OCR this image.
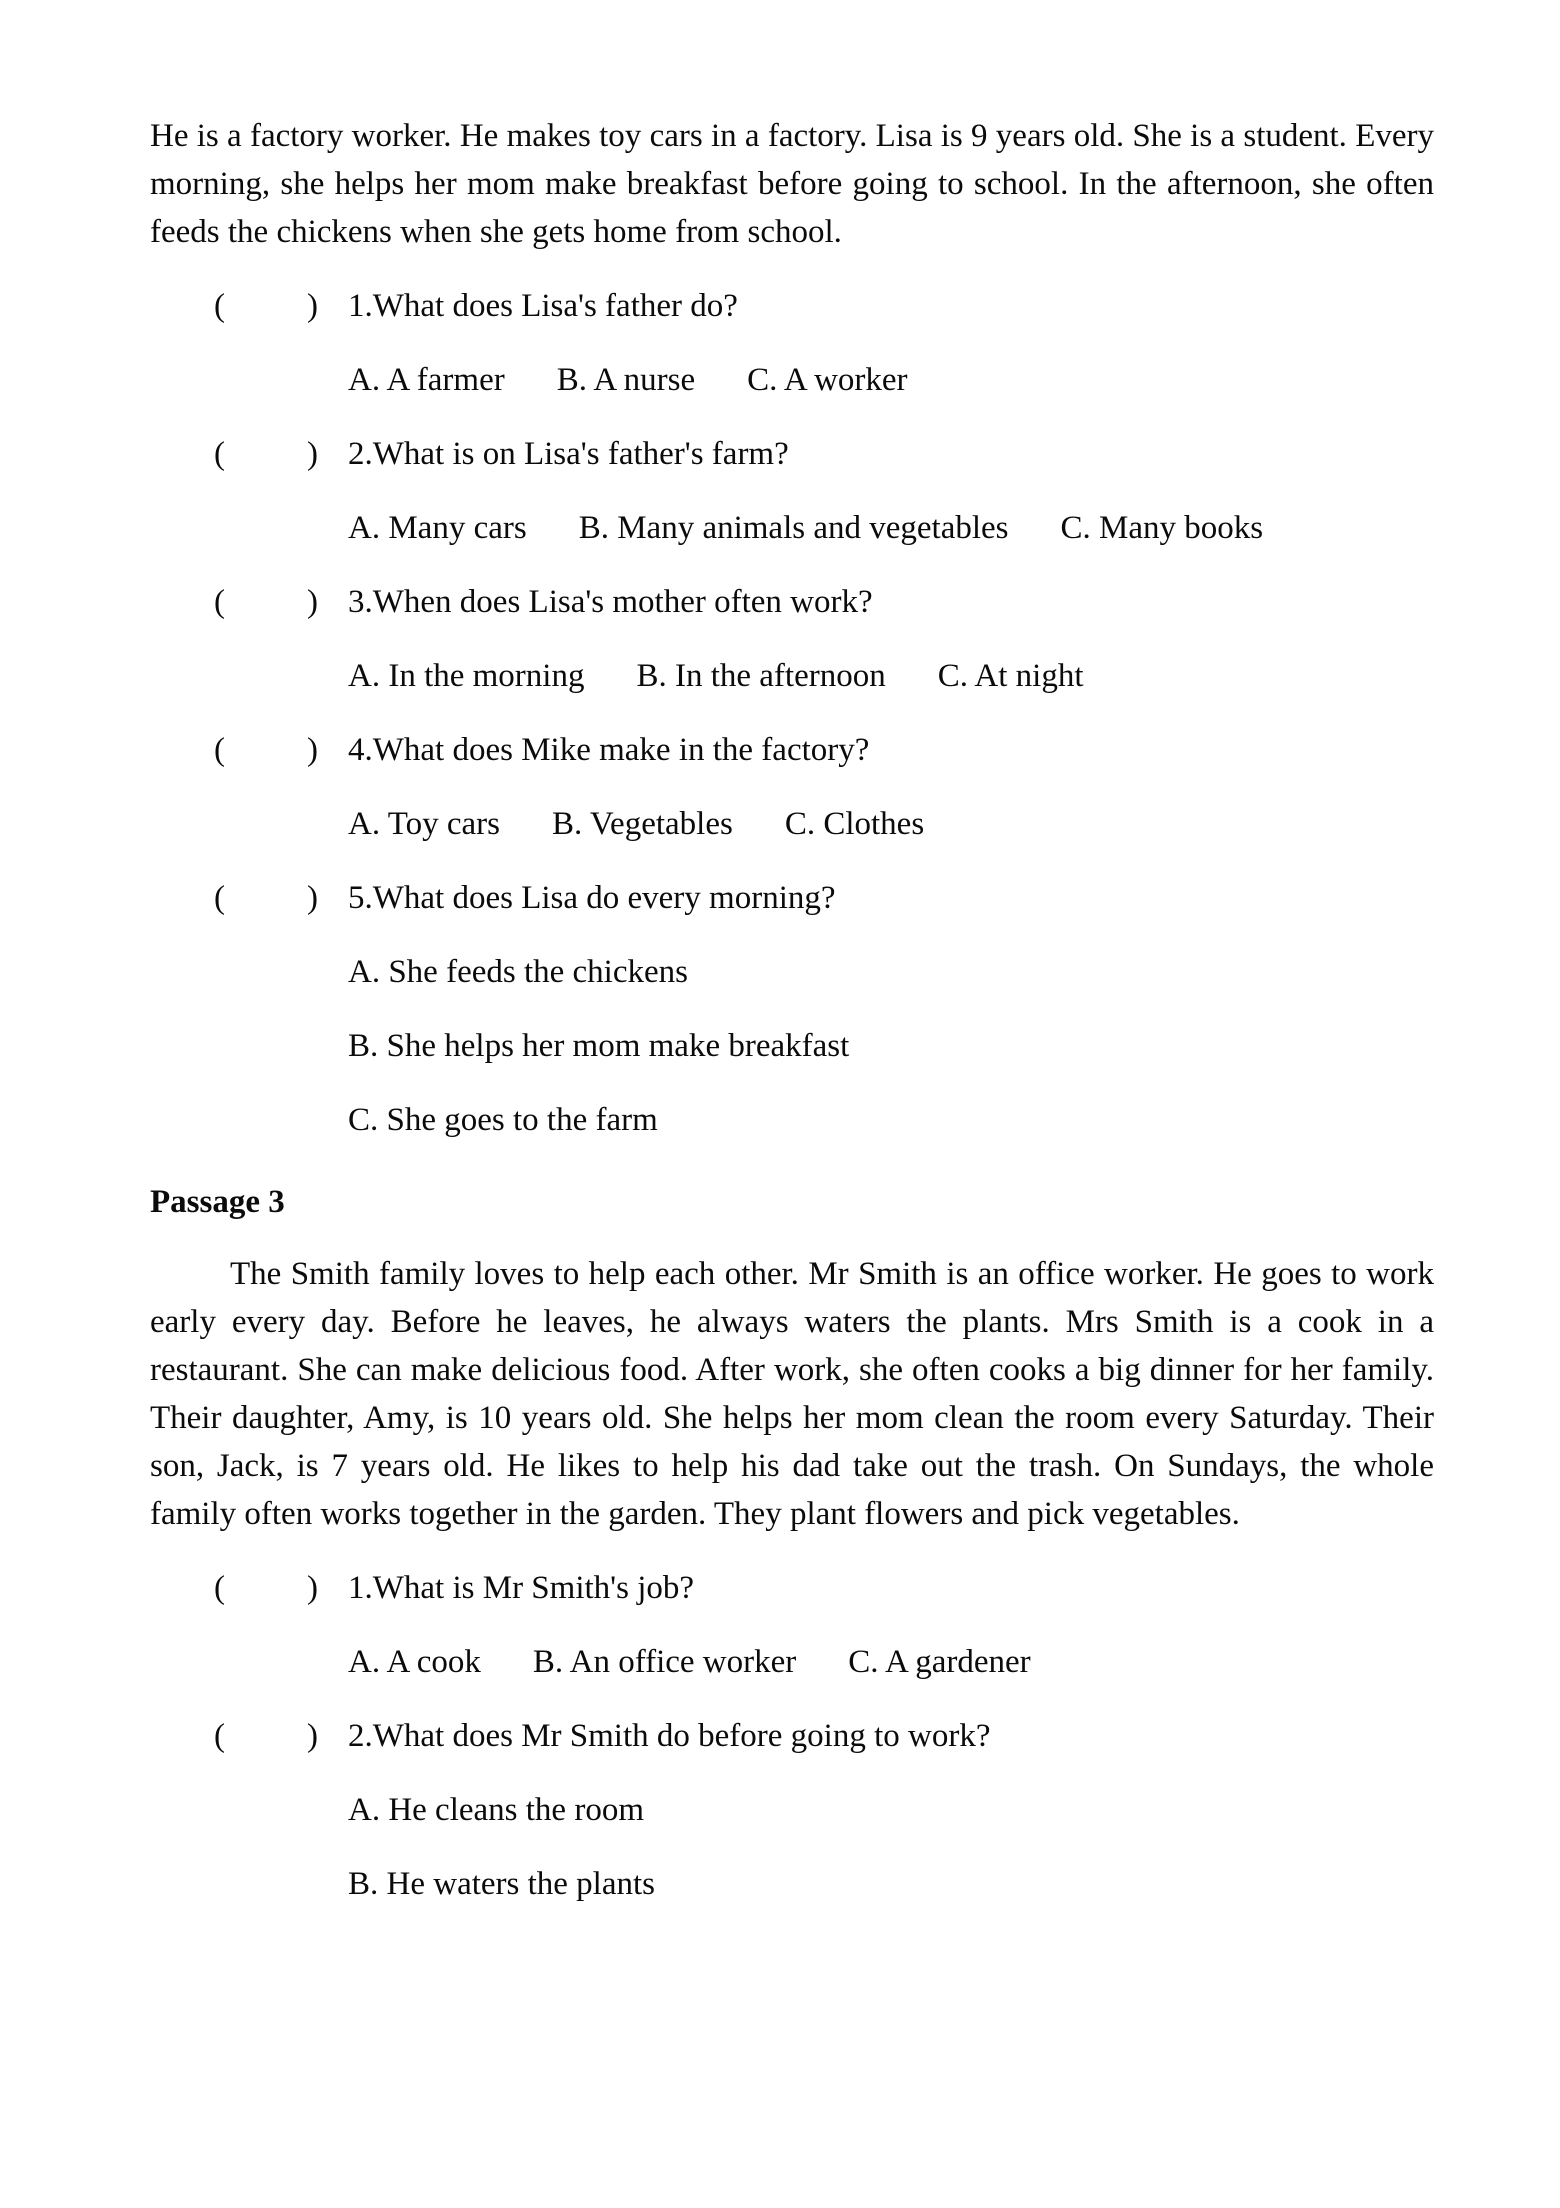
He is a factory worker. He makes toy cars in a factory. Lisa is 9 years old. She is a student. Every morning, she helps her mom make breakfast before going to school. In the afternoon, she often feeds the chickens when she gets home from school.

( ) 1.What does Lisa's father do?
A. A farmer B. A nurse C. A worker
( ) 2.What is on Lisa's father's farm?
A. Many cars B. Many animals and vegetables C. Many books
( ) 3.When does Lisa's mother often work?
A. In the morning B. In the afternoon C. At night
( ) 4.What does Mike make in the factory?
A. Toy cars B. Vegetables C. Clothes
( ) 5.What does Lisa do every morning?
A. She feeds the chickens
B. She helps her mom make breakfast
C. She goes to the farm
Passage 3

The Smith family loves to help each other. Mr Smith is an office worker. He goes to work early every day. Before he leaves, he always waters the plants. Mrs Smith is a cook in a restaurant. She can make delicious food. After work, she often cooks a big dinner for her family. Their daughter, Amy, is 10 years old. She helps her mom clean the room every Saturday. Their son, Jack, is 7 years old. He likes to help his dad take out the trash. On Sundays, the whole family often works together in the garden. They plant flowers and pick vegetables.

( ) 1.What is Mr Smith's job?
A. A cook B. An office worker C. A gardener
( ) 2.What does Mr Smith do before going to work?
A. He cleans the room
B. He waters the plants
